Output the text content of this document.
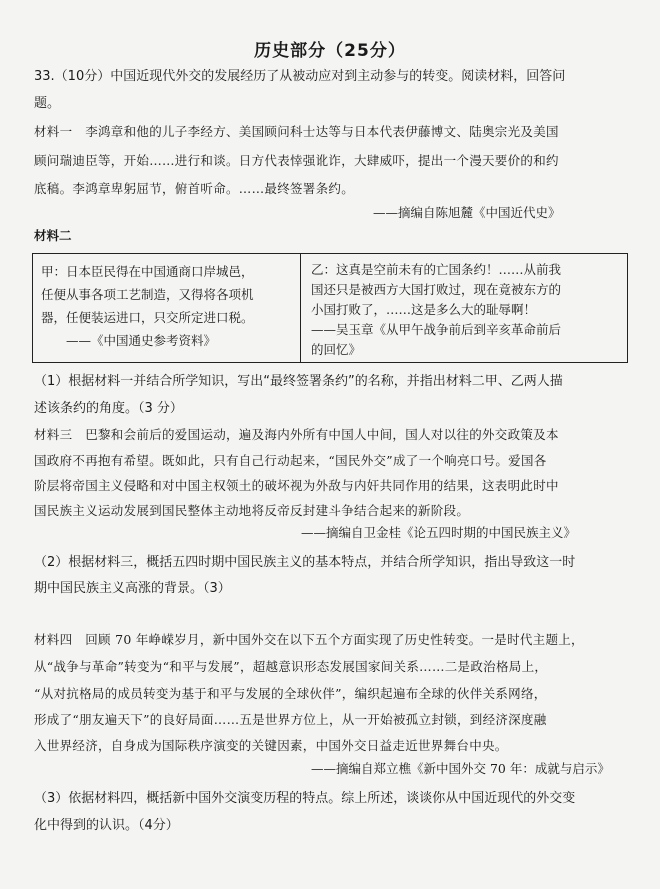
历史部分（25分）
33.（10分）中国近现代外交的发展经历了从被动应对到主动参与的转变。阅读材料，回答问
题。
材料一　李鸿章和他的儿子李经方、美国顾问科士达等与日本代表伊藤博文、陆奥宗光及美国
顾问瑞迪臣等，开始……进行和谈。日方代表悻强讹诈，大肆威吓，提出一个漫天要价的和约
底稿。李鸿章卑躬屈节，俯首听命。……最终签署条约。
——摘编自陈旭麓《中国近代史》
材料二
甲：日本臣民得在中国通商口岸城邑，
任便从事各项工艺制造，又得将各项机
器，任便装运进口，只交所定进口税。
　　——《中国通史参考资料》
乙：这真是空前未有的亡国条约！……从前我
国还只是被西方大国打败过，现在竟被东方的
小国打败了，……这是多么大的耻辱啊！
——吴玉章《从甲午战争前后到辛亥革命前后
的回忆》
（1）根据材料一并结合所学知识，写出“最终签署条约”的名称，并指出材料二甲、乙两人描
述该条约的角度。（3 分）
材料三　巴黎和会前后的爱国运动，遍及海内外所有中国人中间，国人对以往的外交政策及本
国政府不再抱有希望。既如此，只有自己行动起来，“国民外交”成了一个响亮口号。爱国各
阶层将帝国主义侵略和对中国主权领土的破坏视为外敌与内奸共同作用的结果，这表明此时中
国民族主义运动发展到国民整体主动地将反帝反封建斗争结合起来的新阶段。
——摘编自卫金桂《论五四时期的中国民族主义》
（2）根据材料三，概括五四时期中国民族主义的基本特点，并结合所学知识，指出导致这一时
期中国民族主义高涨的背景。（3）
材料四　回顾 70 年峥嵘岁月，新中国外交在以下五个方面实现了历史性转变。一是时代主题上，
从“战争与革命”转变为“和平与发展”，超越意识形态发展国家间关系……二是政治格局上，
“从对抗格局的成员转变为基于和平与发展的全球伙伴”，编织起遍布全球的伙伴关系网络，
形成了“朋友遍天下”的良好局面……五是世界方位上，从一开始被孤立封锁，到经济深度融
入世界经济，自身成为国际秩序演变的关键因素，中国外交日益走近世界舞台中央。
——摘编自郑立樵《新中国外交 70 年：成就与启示》
（3）依据材料四，概括新中国外交演变历程的特点。综上所述，谈谈你从中国近现代的外交变
化中得到的认识。（4分）
